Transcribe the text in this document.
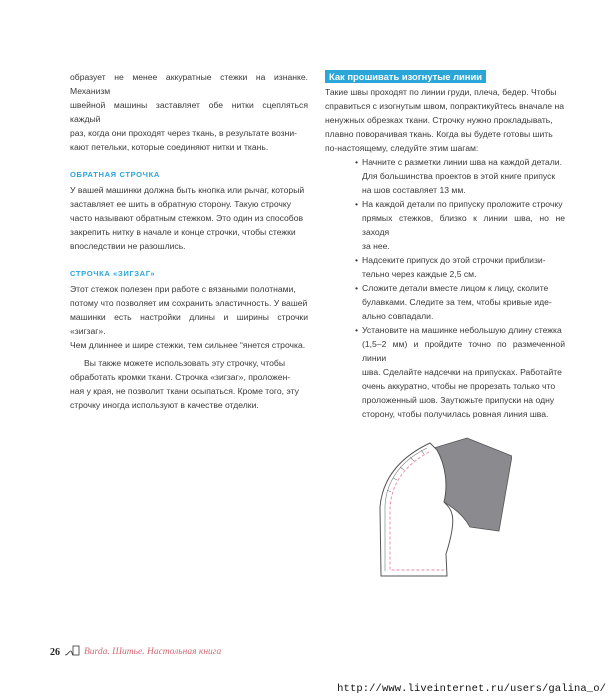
образует не менее аккуратные стежки на изнанке. Механизм
швейной машины заставляет обе нитки сцепляться каждый
раз, когда они проходят через ткань, в результате возни-
кают петельки, которые соединяют нитки и ткань.
ОБРАТНАЯ СТРОЧКА
У вашей машинки должна быть кнопка или рычаг, который
заставляет ее шить в обратную сторону. Такую строчку
часто называют обратным стежком. Это один из способов
закрепить нитку в начале и конце строчки, чтобы стежки
впоследствии не разошлись.
СТРОЧКА «ЗИГЗАГ»
Этот стежок полезен при работе с вязаными полотнами,
потому что позволяет им сохранить эластичность. У вашей
машинки есть настройки длины и ширины строчки «зигзаг».
Чем длиннее и шире стежки, тем сильнее “янется строчка.
Вы также можете использовать эту строчку, чтобы
обработать кромки ткани. Строчка «зигзаг», проложен-
ная у края, не позволит ткани осыпаться. Кроме того, эту
строчку иногда используют в качестве отделки.
Как прошивать изогнутые линии
Такие швы проходят по линии груди, плеча, бедер. Чтобы
справиться с изогнутым швом, попрактикуйтесь вначале на
ненужных обрезках ткани. Строчку нужно прокладывать,
плавно поворачивая ткань. Когда вы будете готовы шить
по-настоящему, следуйте этим шагам:
• Начните с разметки линии шва на каждой детали.
Для большинства проектов в этой книге припуск
на шов составляет 13 мм.
• На каждой детали по припуску проложите строчку
прямых стежков, близко к линии шва, но не заходя
за нее.
• Надсеките припуск до этой строчки приблизи-
тельно через каждые 2,5 см.
• Сложите детали вместе лицом к лицу, сколите
булавками. Следите за тем, чтобы кривые иде-
ально совпадали.
• Установите на машинке небольшую длину стежка
(1,5–2 мм) и пройдите точно по размеченной линии
шва. Сделайте надсечки на припусках. Работайте
очень аккуратно, чтобы не прорезать только что
проложенный шов. Заутюжьте припуски на одну
сторону, чтобы получилась ровная линия шва.
26	Burda. Шитье. Настольная книга
http://www.liveinternet.ru/users/galina_o/
